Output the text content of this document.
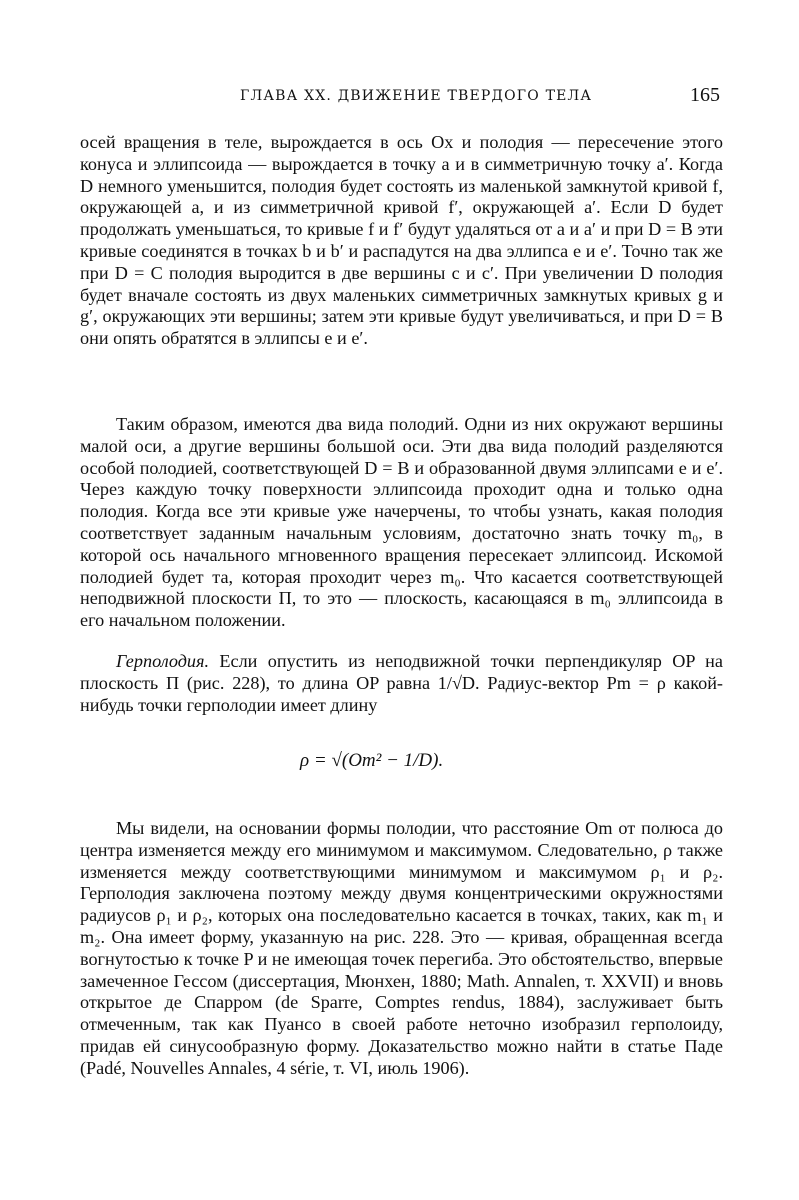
ГЛАВА XX. ДВИЖЕНИЕ ТВЕРДОГО ТЕЛА	165

осей вращения в теле, вырождается в ось Ox и полодия — пересечение этого конуса и эллипсоида — вырождается в точку a и в симметричную точку a′. Когда D немного уменьшится, полодия будет состоять из маленькой замкнутой кривой f, окружающей a, и из симметричной кривой f′, окружающей a′. Если D будет продолжать уменьшаться, то кривые f и f′ будут удаляться от a и a′ и при D = B эти кривые соединятся в точках b и b′ и распадутся на два эллипса e и e′. Точно так же при D = C полодия выродится в две вершины c и c′. При увеличении D полодия будет вначале состоять из двух маленьких симметричных замкнутых кривых g и g′, окружающих эти вершины; затем эти кривые будут увеличиваться, и при D = B они опять обратятся в эллипсы e и e′.

Таким образом, имеются два вида полодий. Одни из них окружают вершины малой оси, а другие вершины большой оси. Эти два вида полодий разделяются особой полодией, соответствующей D = B и образованной двумя эллипсами e и e′. Через каждую точку поверхности эллипсоида проходит одна и только одна полодия. Когда все эти кривые уже начерчены, то чтобы узнать, какая полодия соответствует заданным начальным условиям, достаточно знать точку m₀, в которой ось начального мгновенного вращения пересекает эллипсоид. Искомой полодией будет та, которая проходит через m₀. Что касается соответствующей неподвижной плоскости П, то это — плоскость, касающаяся в m₀ эллипсоида в его начальном положении.

Герполодия. Если опустить из неподвижной точки перпендикуляр OP на плоскость П (рис. 228), то длина OP равна 1/√D. Радиус-вектор Pm = ρ какой-нибудь точки герполодии имеет длину

ρ = √(Om² − 1/D).

Мы видели, на основании формы полодии, что расстояние Om от полюса до центра изменяется между его минимумом и максимумом. Следовательно, ρ также изменяется между соответствующими минимумом и максимумом ρ₁ и ρ₂. Герполодия заключена поэтому между двумя концентрическими окружностями радиусов ρ₁ и ρ₂, которых она последовательно касается в точках, таких, как m₁ и m₂. Она имеет форму, указанную на рис. 228. Это — кривая, обращенная всегда вогнутостью к точке P и не имеющая точек перегиба. Это обстоятельство, впервые замеченное Гессом (диссертация, Мюнхен, 1880; Math. Annalen, т. XXVII) и вновь открытое де Спарром (de Sparre, Comptes rendus, 1884), заслуживает быть отмеченным, так как Пуансо в своей работе неточно изобразил герполоиду, придав ей синусообразную форму. Доказательство можно найти в статье Паде (Padé, Nouvelles Annales, 4 série, т. VI, июль 1906).
